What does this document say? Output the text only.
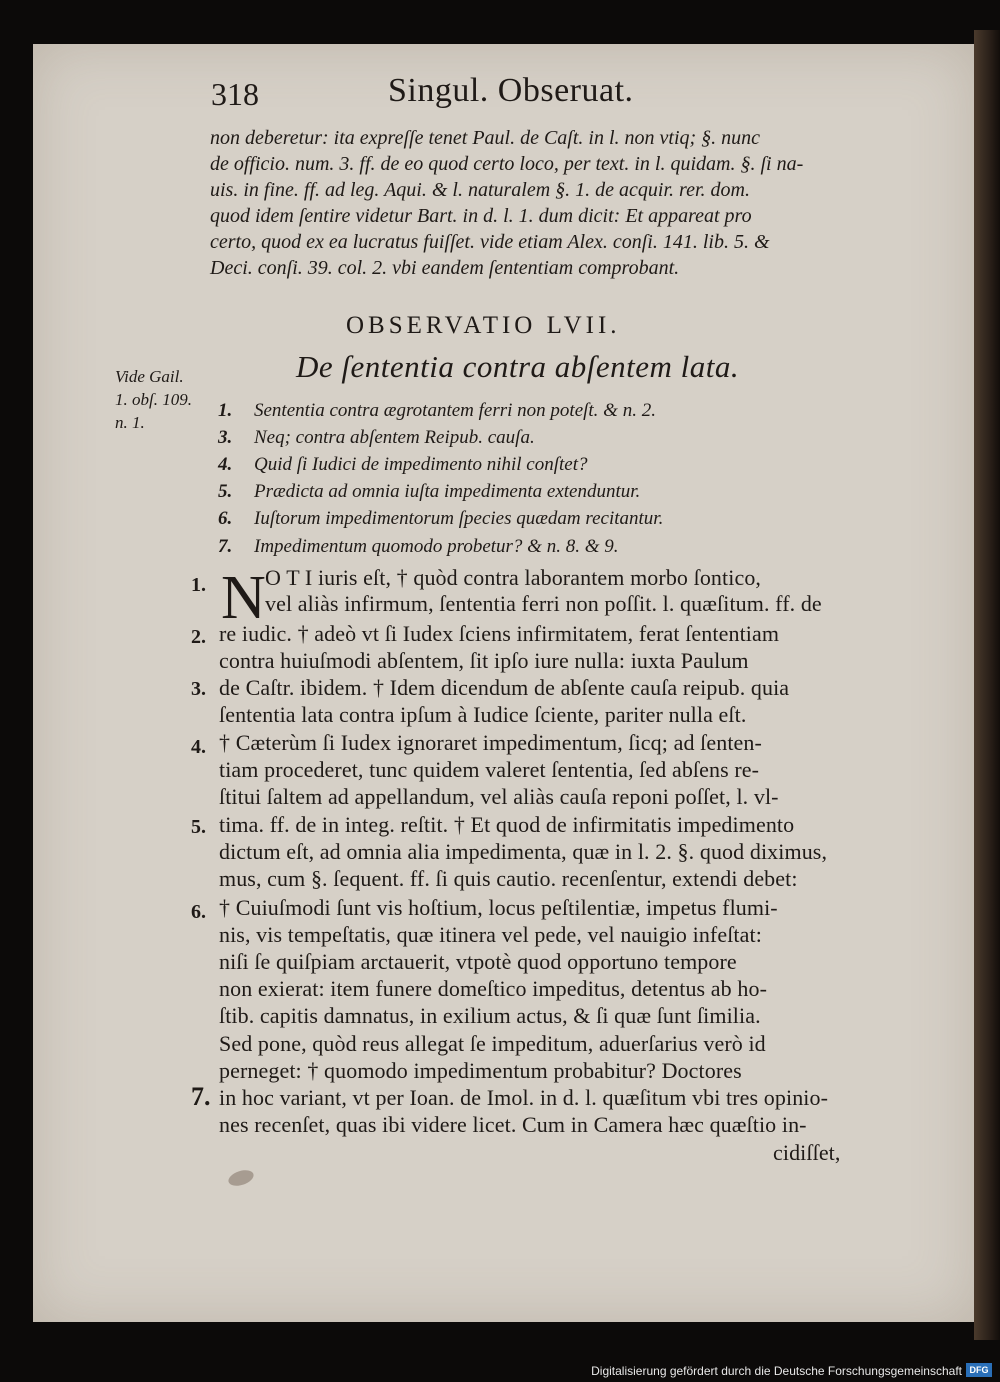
318	Singul. Obseruat.
non deberetur: ita expreſſe tenet Paul. de Caſt. in l. non vtiq; §. nunc
de officio. num. 3. ff. de eo quod certo loco, per text. in l. quidam. §. ſi na-
uis. in fine. ff. ad leg. Aqui. & l. naturalem §. 1. de acquir. rer. dom.
quod idem ſentire videtur Bart. in d. l. 1. dum dicit: Et appareat pro
certo, quod ex ea lucratus fuiſſet. vide etiam Alex. conſi. 141. lib. 5. &
Deci. conſi. 39. col. 2. vbi eandem ſententiam comprobant.
OBSERVATIO LVII.
De ſententia contra abſentem lata.
Vide Gail.
1. obſ. 109.
n. 1.
1. Sententia contra ægrotantem ferri non poteſt. & n. 2.
3. Neq; contra abſentem Reipub. cauſa.
4. Quid ſi Iudici de impedimento nihil conſtet?
5. Prædicta ad omnia iuſta impedimenta extenduntur.
6. Iuſtorum impedimentorum ſpecies quædam recitantur.
7. Impedimentum quomodo probetur? & n. 8. & 9.
N
1.
2.
3.
4.
5.
6.
7.
O T I iuris eſt, † quòd contra laborantem morbo ſontico,
vel aliàs infirmum, ſententia ferri non poſſit. l. quæſitum. ff. de
re iudic. † adeò vt ſi Iudex ſciens infirmitatem, ferat ſententiam
contra huiuſmodi abſentem, ſit ipſo iure nulla: iuxta Paulum
de Caſtr. ibidem. † Idem dicendum de abſente cauſa reipub. quia
ſententia lata contra ipſum à Iudice ſciente, pariter nulla eſt.
† Cæterùm ſi Iudex ignoraret impedimentum, ſicq; ad ſenten-
tiam procederet, tunc quidem valeret ſententia, ſed abſens re-
ſtitui ſaltem ad appellandum, vel aliàs cauſa reponi poſſet, l. vl-
tima. ff. de in integ. reſtit. † Et quod de infirmitatis impedimento
dictum eſt, ad omnia alia impedimenta, quæ in l. 2. §. quod diximus,
mus, cum §. ſequent. ff. ſi quis cautio. recenſentur, extendi debet:
† Cuiuſmodi ſunt vis hoſtium, locus peſtilentiæ, impetus flumi-
nis, vis tempeſtatis, quæ itinera vel pede, vel nauigio infeſtat:
niſi ſe quiſpiam arctauerit, vtpotè quod opportuno tempore
non exierat: item funere domeſtico impeditus, detentus ab ho-
ſtib. capitis damnatus, in exilium actus, & ſi quæ ſunt ſimilia.
Sed pone, quòd reus allegat ſe impeditum, aduerſarius verò id
perneget: † quomodo impedimentum probabitur? Doctores
in hoc variant, vt per Ioan. de Imol. in d. l. quæſitum vbi tres opinio-
nes recenſet, quas ibi videre licet. Cum in Camera hæc quæſtio in-
cidiſſet,
Digitalisierung gefördert durch die Deutsche Forschungsgemeinschaft DFG
